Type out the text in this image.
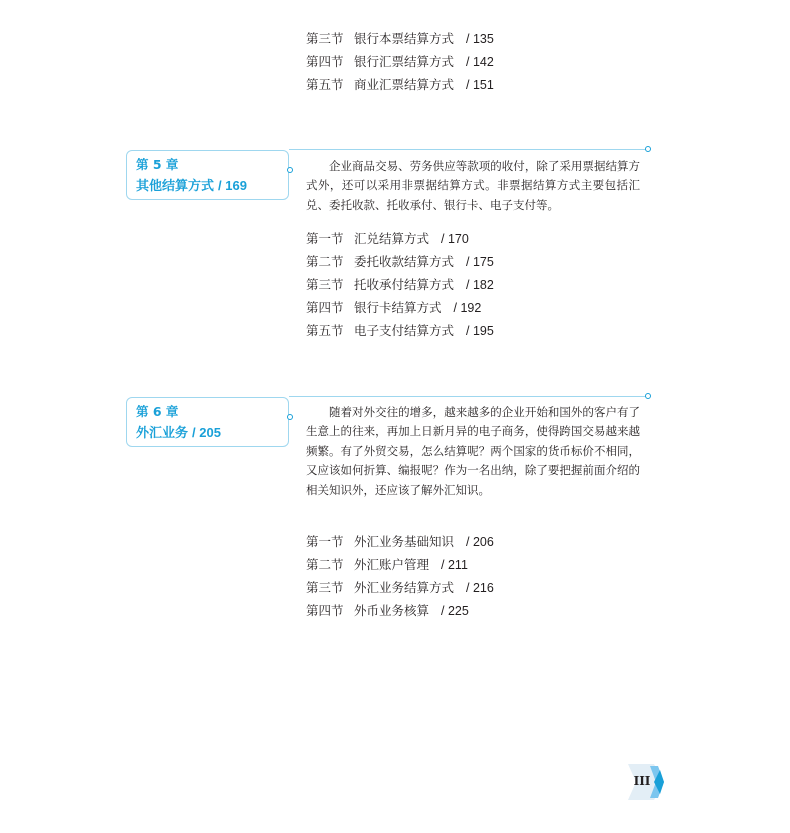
第三节 银行本票结算方式 / 135
第四节 银行汇票结算方式 / 142
第五节 商业汇票结算方式 / 151
第 5 章
其他结算方式 / 169
企业商品交易、劳务供应等款项的收付，除了采用票据结算方式外，还可以采用非票据结算方式。非票据结算方式主要包括汇兑、委托收款、托收承付、银行卡、电子支付等。
第一节 汇兑结算方式 / 170
第二节 委托收款结算方式 / 175
第三节 托收承付结算方式 / 182
第四节 银行卡结算方式 / 192
第五节 电子支付结算方式 / 195
第 6 章
外汇业务 / 205
随着对外交往的增多，越来越多的企业开始和国外的客户有了生意上的往来，再加上日新月异的电子商务，使得跨国交易越来越频繁。有了外贸交易，怎么结算呢？两个国家的货币标价不相同，又应该如何折算、编报呢？作为一名出纳，除了要把握前面介绍的相关知识外，还应该了解外汇知识。
第一节 外汇业务基础知识 / 206
第二节 外汇账户管理 / 211
第三节 外汇业务结算方式 / 216
第四节 外币业务核算 / 225
III
